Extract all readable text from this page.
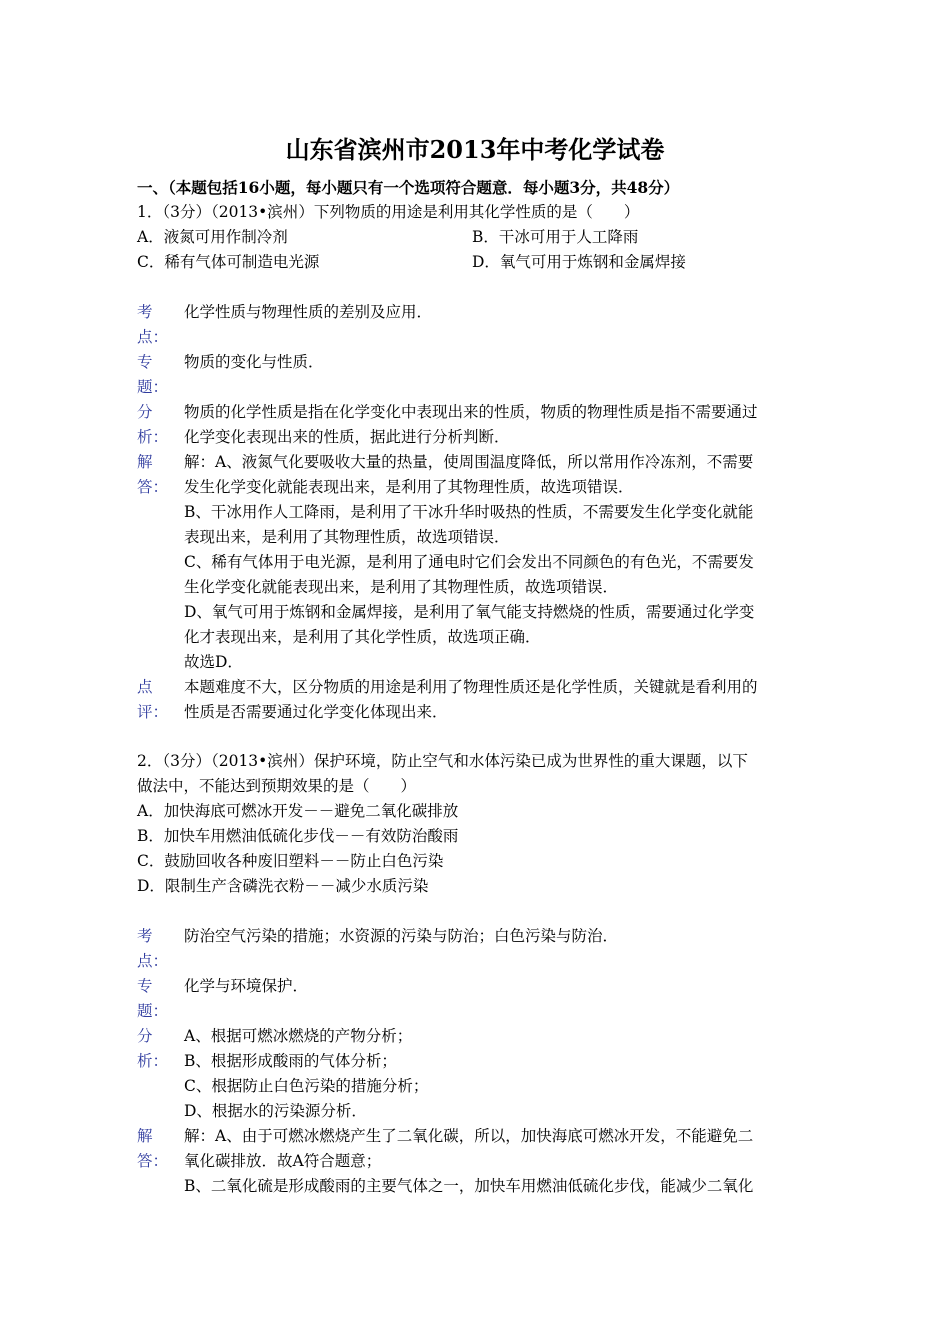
山东省滨州市2013年中考化学试卷
一、（本题包括16小题，每小题只有一个选项符合题意．每小题3分，共48分）
1．（3分）（2013•滨州）下列物质的用途是利用其化学性质的是（　　）
A．液氮可用作制冷剂	B．干冰可用于人工降雨
C．稀有气体可制造电光源	D．氧气可用于炼钢和金属焊接
考
点：
化学性质与物理性质的差别及应用．
专
题：
物质的变化与性质．
分
析：
物质的化学性质是指在化学变化中表现出来的性质，物质的物理性质是指不需要通过
化学变化表现出来的性质，据此进行分析判断．
解
答：
解：A、液氮气化要吸收大量的热量，使周围温度降低，所以常用作冷冻剂，不需要
发生化学变化就能表现出来，是利用了其物理性质，故选项错误．
B、干冰用作人工降雨，是利用了干冰升华时吸热的性质，不需要发生化学变化就能
表现出来，是利用了其物理性质，故选项错误．
C、稀有气体用于电光源，是利用了通电时它们会发出不同颜色的有色光，不需要发
生化学变化就能表现出来，是利用了其物理性质，故选项错误．
D、氧气可用于炼钢和金属焊接，是利用了氧气能支持燃烧的性质，需要通过化学变
化才表现出来，是利用了其化学性质，故选项正确．
故选D．
点
评：
本题难度不大，区分物质的用途是利用了物理性质还是化学性质，关键就是看利用的
性质是否需要通过化学变化体现出来．
2．（3分）（2013•滨州）保护环境，防止空气和水体污染已成为世界性的重大课题，以下
做法中，不能达到预期效果的是（　　）
A．加快海底可燃冰开发－－避免二氧化碳排放
B．加快车用燃油低硫化步伐－－有效防治酸雨
C．鼓励回收各种废旧塑料－－防止白色污染
D．限制生产含磷洗衣粉－－减少水质污染
考
点：
防治空气污染的措施；水资源的污染与防治；白色污染与防治．
专
题：
化学与环境保护．
分
析：
A、根据可燃冰燃烧的产物分析；
B、根据形成酸雨的气体分析；
C、根据防止白色污染的措施分析；
D、根据水的污染源分析．
解
答：
解：A、由于可燃冰燃烧产生了二氧化碳，所以，加快海底可燃冰开发，不能避免二
氧化碳排放．故A符合题意；
B、二氧化硫是形成酸雨的主要气体之一，加快车用燃油低硫化步伐，能减少二氧化
